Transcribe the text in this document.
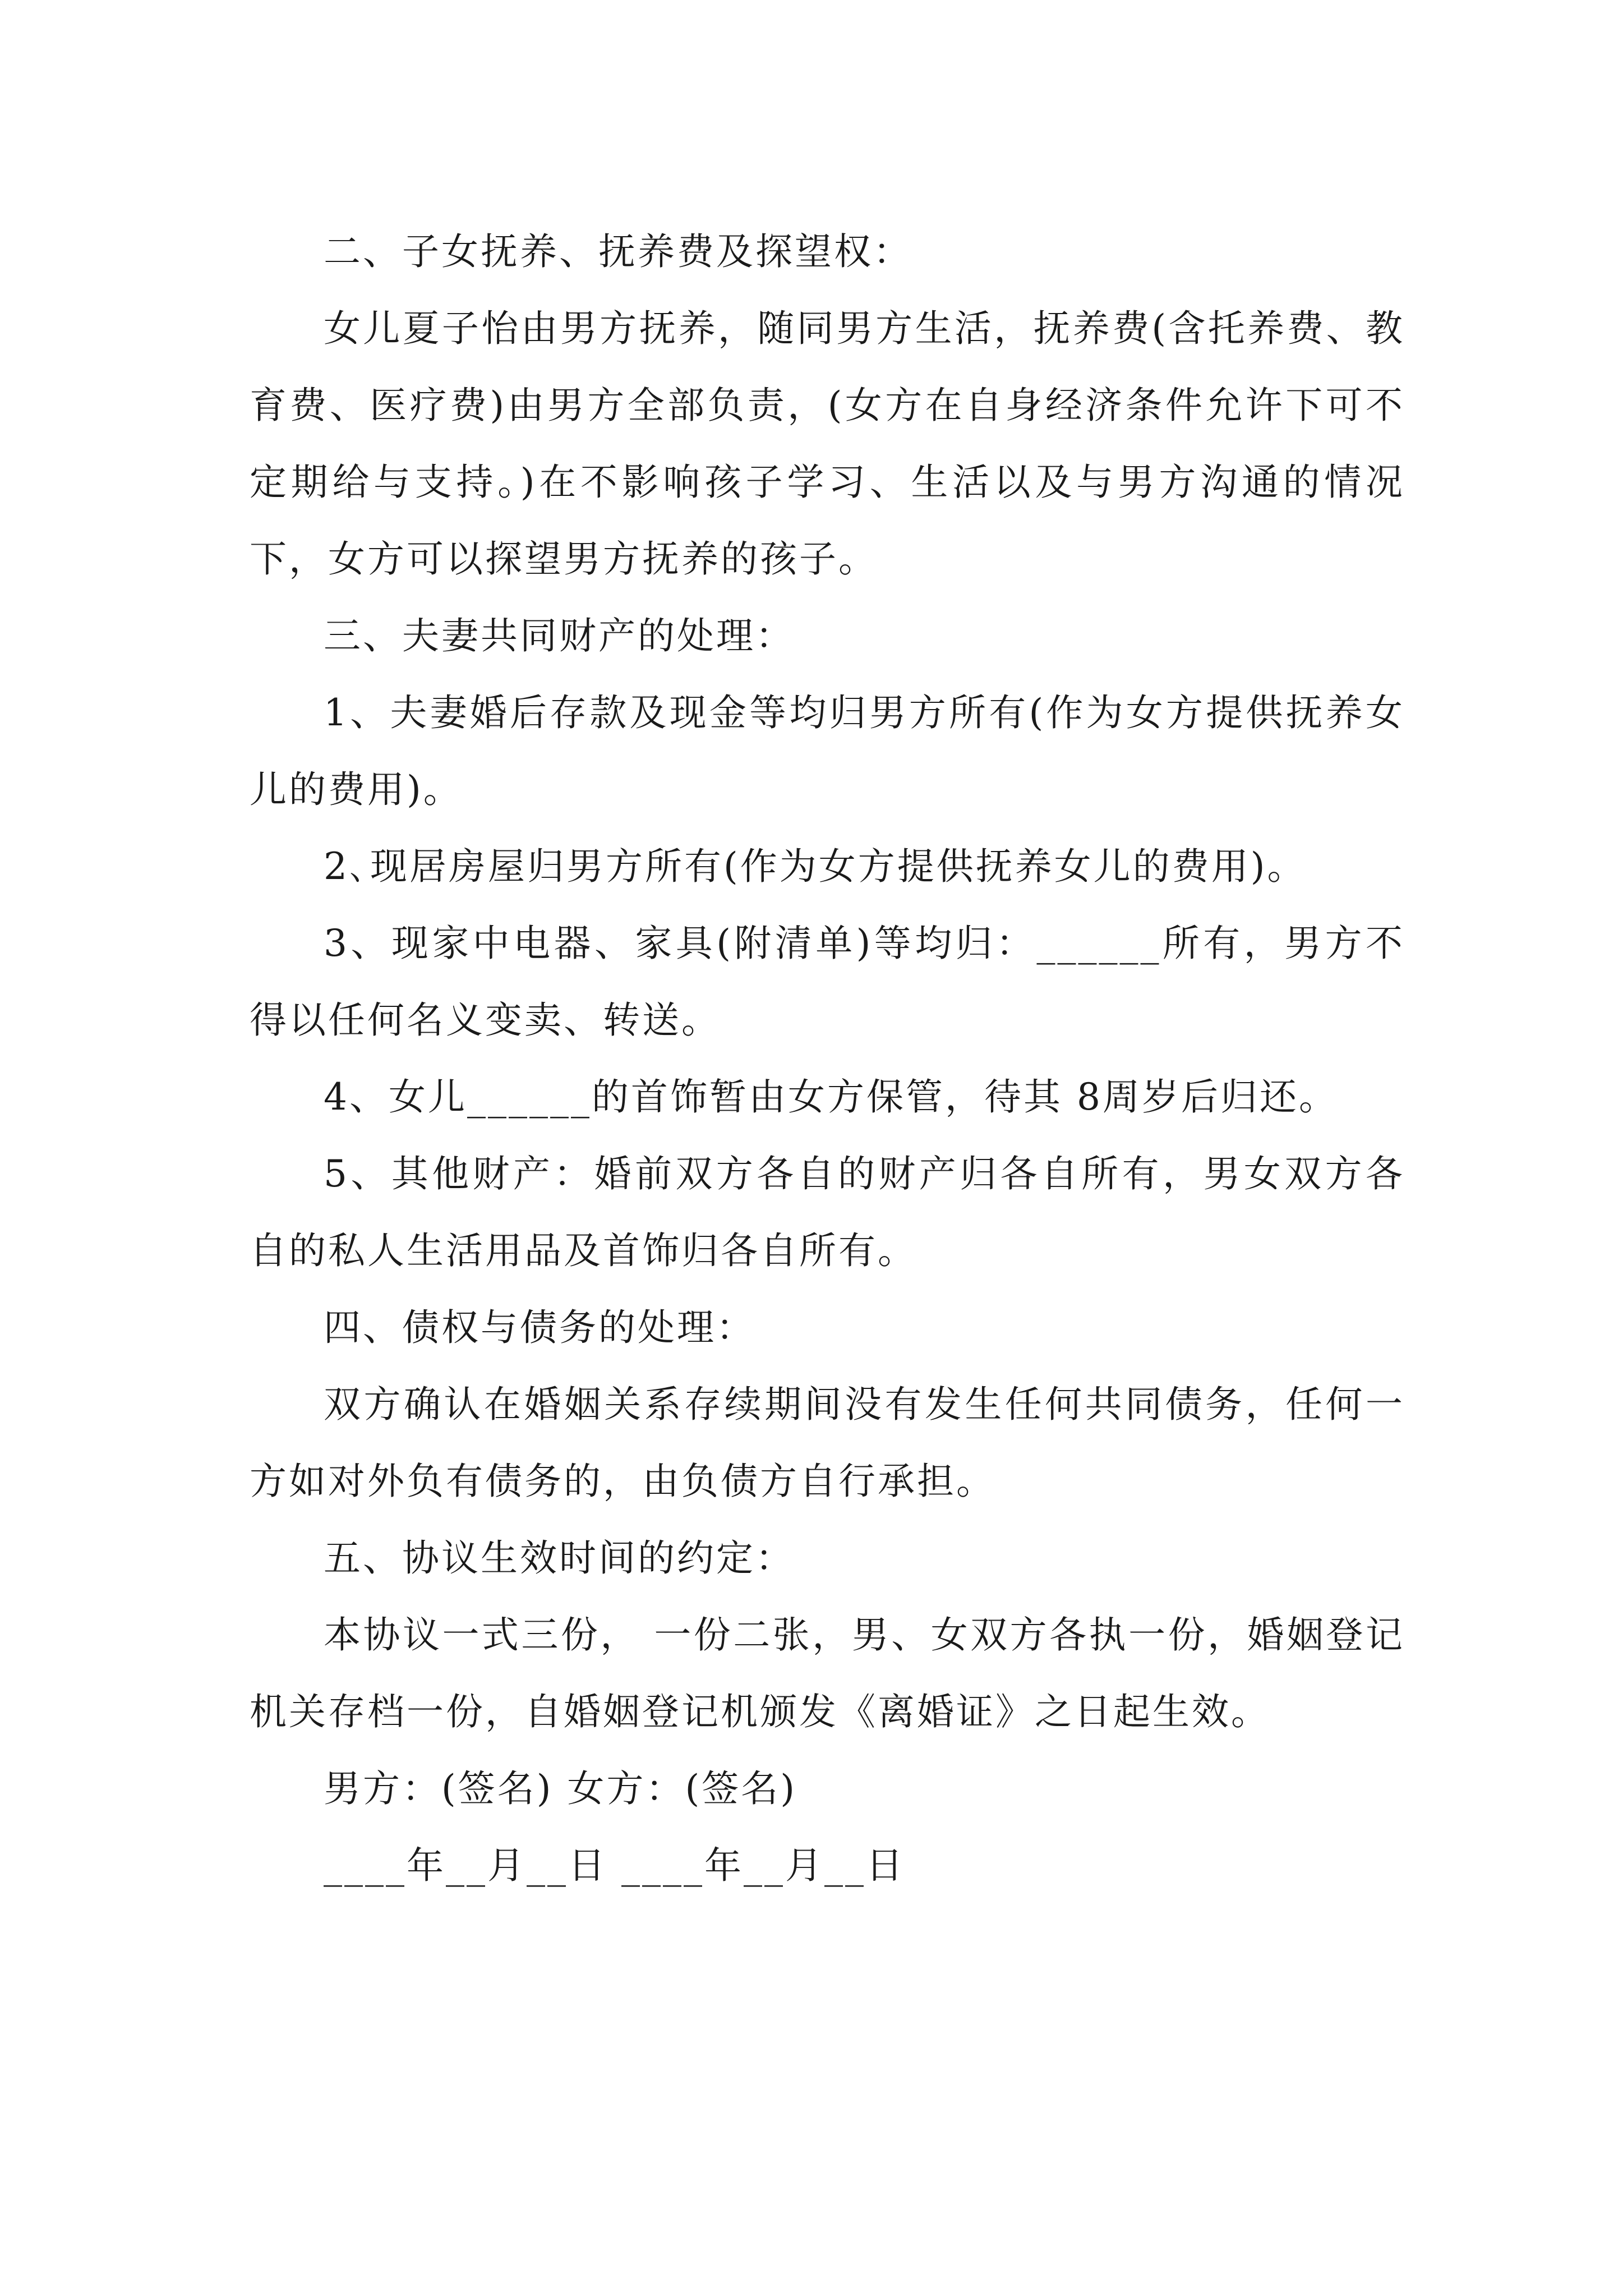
二、子女抚养、抚养费及探望权：

女儿夏子怡由男方抚养，随同男方生活，抚养费(含托养费、教育费、医疗费)由男方全部负责，(女方在自身经济条件允许下可不定期给与支持。)在不影响孩子学习、生活以及与男方沟通的情况下，女方可以探望男方抚养的孩子。

三、夫妻共同财产的处理：

1、夫妻婚后存款及现金等均归男方所有(作为女方提供抚养女儿的费用)。

2､现居房屋归男方所有(作为女方提供抚养女儿的费用)。

3、现家中电器、家具(附清单)等均归：______所有，男方不得以任何名义变卖、转送。

4、女儿______的首饰暂由女方保管，待其 8周岁后归还。

5、其他财产：婚前双方各自的财产归各自所有，男女双方各自的私人生活用品及首饰归各自所有。

四、债权与债务的处理：

双方确认在婚姻关系存续期间没有发生任何共同债务，任何一方如对外负有债务的，由负债方自行承担。

五、协议生效时间的约定：

本协议一式三份， 一份二张，男、女双方各执一份，婚姻登记机关存档一份，自婚姻登记机颁发《离婚证》之日起生效。

男方：(签名) 女方：(签名)

____年__月__日 ____年__月__日
